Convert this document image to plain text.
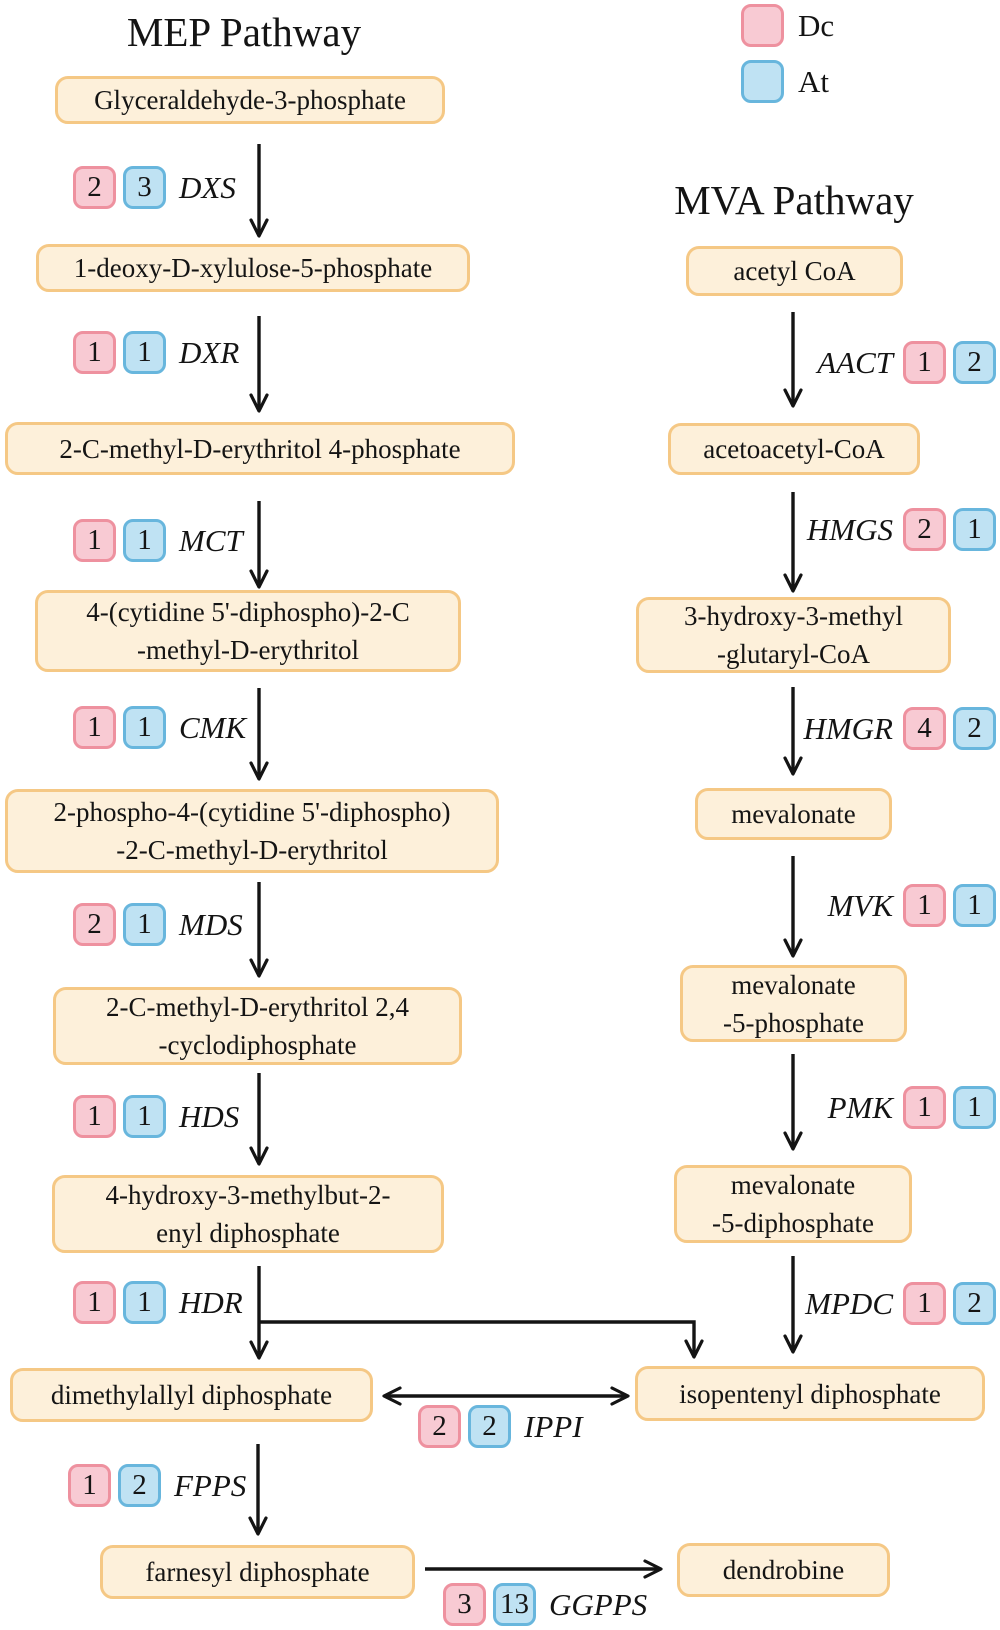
MEP Pathway
MVA Pathway
Dc
At
Glyceraldehyde-3-phosphate
1-deoxy-D-xylulose-5-phosphate
2-C-methyl-D-erythritol 4-phosphate
4-(cytidine 5'-diphospho)-2-C
-methyl-D-erythritol
2-phospho-4-(cytidine 5'-diphospho)
-2-C-methyl-D-erythritol
2-C-methyl-D-erythritol 2,4
-cyclodiphosphate
4-hydroxy-3-methylbut-2-
enyl diphosphate
dimethylallyl diphosphate
farnesyl diphosphate	dendrobine
acetyl CoA
acetoacetyl-CoA
3-hydroxy-3-methyl
-glutaryl-CoA
mevalonate
mevalonate
-5-phosphate
mevalonate
-5-diphosphate
isopentenyl diphosphate
2	3 DXS
1	1 DXR
1	1 MCT
1	1 CMK
2	1 MDS
1	1 HDS
1	1 HDR
1	2 FPPS
2	2 IPPI
3 13 GGPPS
AACT 1	2
HMGS 2	1
HMGR 4	2
MVK 1	1
PMK 1	1
MPDC 1	2
